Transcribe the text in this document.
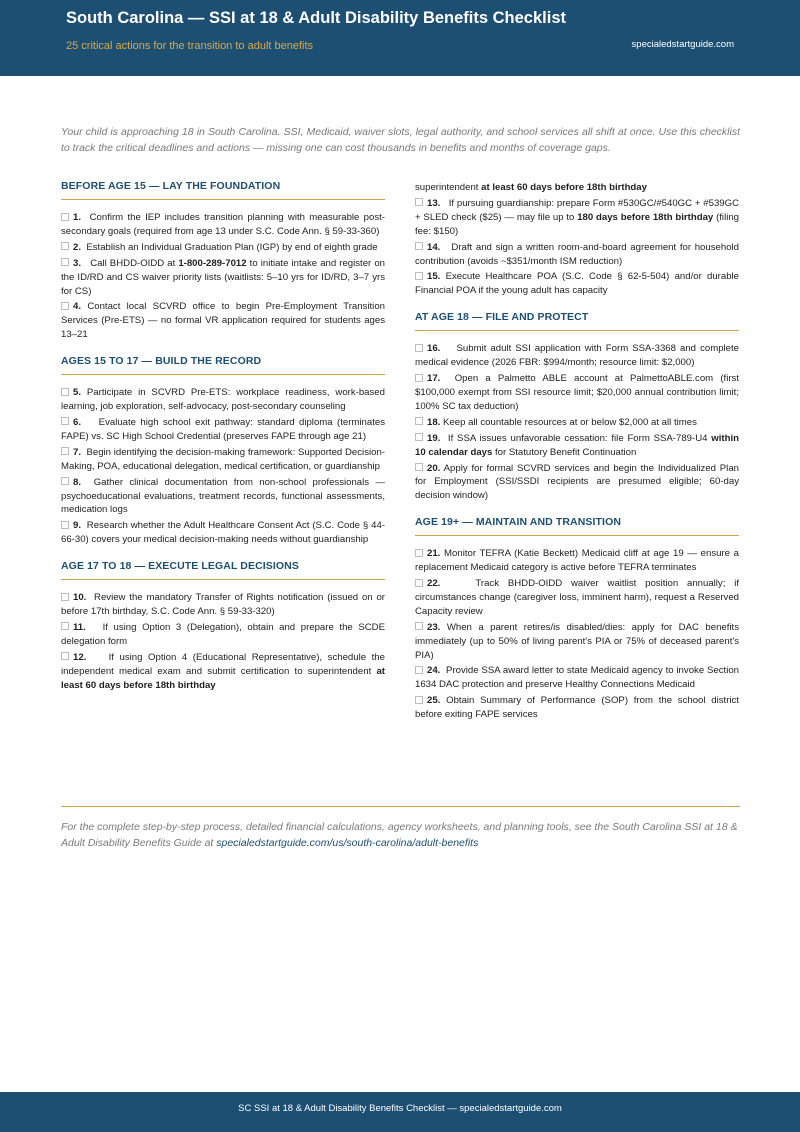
South Carolina — SSI at 18 & Adult Disability Benefits Checklist
25 critical actions for the transition to adult benefits	specialedstartguide.com

Your child is approaching 18 in South Carolina. SSI, Medicaid, waiver slots, legal authority, and school services all shift at once. Use this checklist to track the critical deadlines and actions — missing one can cost thousands in benefits and months of coverage gaps.

BEFORE AGE 15 — LAY THE FOUNDATION
1. Confirm the IEP includes transition planning with measurable post-secondary goals (required from age 13 under S.C. Code Ann. § 59-33-360)
2. Establish an Individual Graduation Plan (IGP) by end of eighth grade
3. Call BHDD-OIDD at 1-800-289-7012 to initiate intake and register on the ID/RD and CS waiver priority lists (waitlists: 5–10 yrs for ID/RD, 3–7 yrs for CS)
4. Contact local SCVRD office to begin Pre-Employment Transition Services (Pre-ETS) — no formal VR application required for students ages 13–21
AGES 15 TO 17 — BUILD THE RECORD
5. Participate in SCVRD Pre-ETS: workplace readiness, work-based learning, job exploration, self-advocacy, post-secondary counseling
6. Evaluate high school exit pathway: standard diploma (terminates FAPE) vs. SC High School Credential (preserves FAPE through age 21)
7. Begin identifying the decision-making framework: Supported Decision-Making, POA, educational delegation, medical certification, or guardianship
8. Gather clinical documentation from non-school professionals — psychoeducational evaluations, treatment records, functional assessments, medication logs
9. Research whether the Adult Healthcare Consent Act (S.C. Code § 44-66-30) covers your medical decision-making needs without guardianship
AGE 17 TO 18 — EXECUTE LEGAL DECISIONS
10. Review the mandatory Transfer of Rights notification (issued on or before 17th birthday, S.C. Code Ann. § 59-33-320)
11. If using Option 3 (Delegation), obtain and prepare the SCDE delegation form
12. If using Option 4 (Educational Representative), schedule the independent medical exam and submit certification to superintendent at least 60 days before 18th birthday
superintendent at least 60 days before 18th birthday
13. If pursuing guardianship: prepare Form #530GC/#540GC + #539GC + SLED check ($25) — may file up to 180 days before 18th birthday (filing fee: $150)
14. Draft and sign a written room-and-board agreement for household contribution (avoids ~$351/month ISM reduction)
15. Execute Healthcare POA (S.C. Code § 62-5-504) and/or durable Financial POA if the young adult has capacity
AT AGE 18 — FILE AND PROTECT
16. Submit adult SSI application with Form SSA-3368 and complete medical evidence (2026 FBR: $994/month; resource limit: $2,000)
17. Open a Palmetto ABLE account at PalmettoABLE.com (first $100,000 exempt from SSI resource limit; $20,000 annual contribution limit; 100% SC tax deduction)
18. Keep all countable resources at or below $2,000 at all times
19. If SSA issues unfavorable cessation: file Form SSA-789-U4 within 10 calendar days for Statutory Benefit Continuation
20. Apply for formal SCVRD services and begin the Individualized Plan for Employment (SSI/SSDI recipients are presumed eligible; 60-day decision window)
AGE 19+ — MAINTAIN AND TRANSITION
21. Monitor TEFRA (Katie Beckett) Medicaid cliff at age 19 — ensure a replacement Medicaid category is active before TEFRA terminates
22.	Track BHDD-OIDD waiver waitlist position annually; if circumstances change (caregiver loss, imminent harm), request a Reserved Capacity review
23. When a parent retires/is disabled/dies: apply for DAC benefits immediately (up to 50% of living parent's PIA or 75% of deceased parent's PIA)
24. Provide SSA award letter to state Medicaid agency to invoke Section 1634 DAC protection and preserve Healthy Connections Medicaid
25. Obtain Summary of Performance (SOP) from the school district before exiting FAPE services

For the complete step-by-step process, detailed financial calculations, agency worksheets, and planning tools, see the South Carolina SSI at 18 & Adult Disability Benefits Guide at specialedstartguide.com/us/south-carolina/adult-benefits

SC SSI at 18 & Adult Disability Benefits Checklist — specialedstartguide.com
